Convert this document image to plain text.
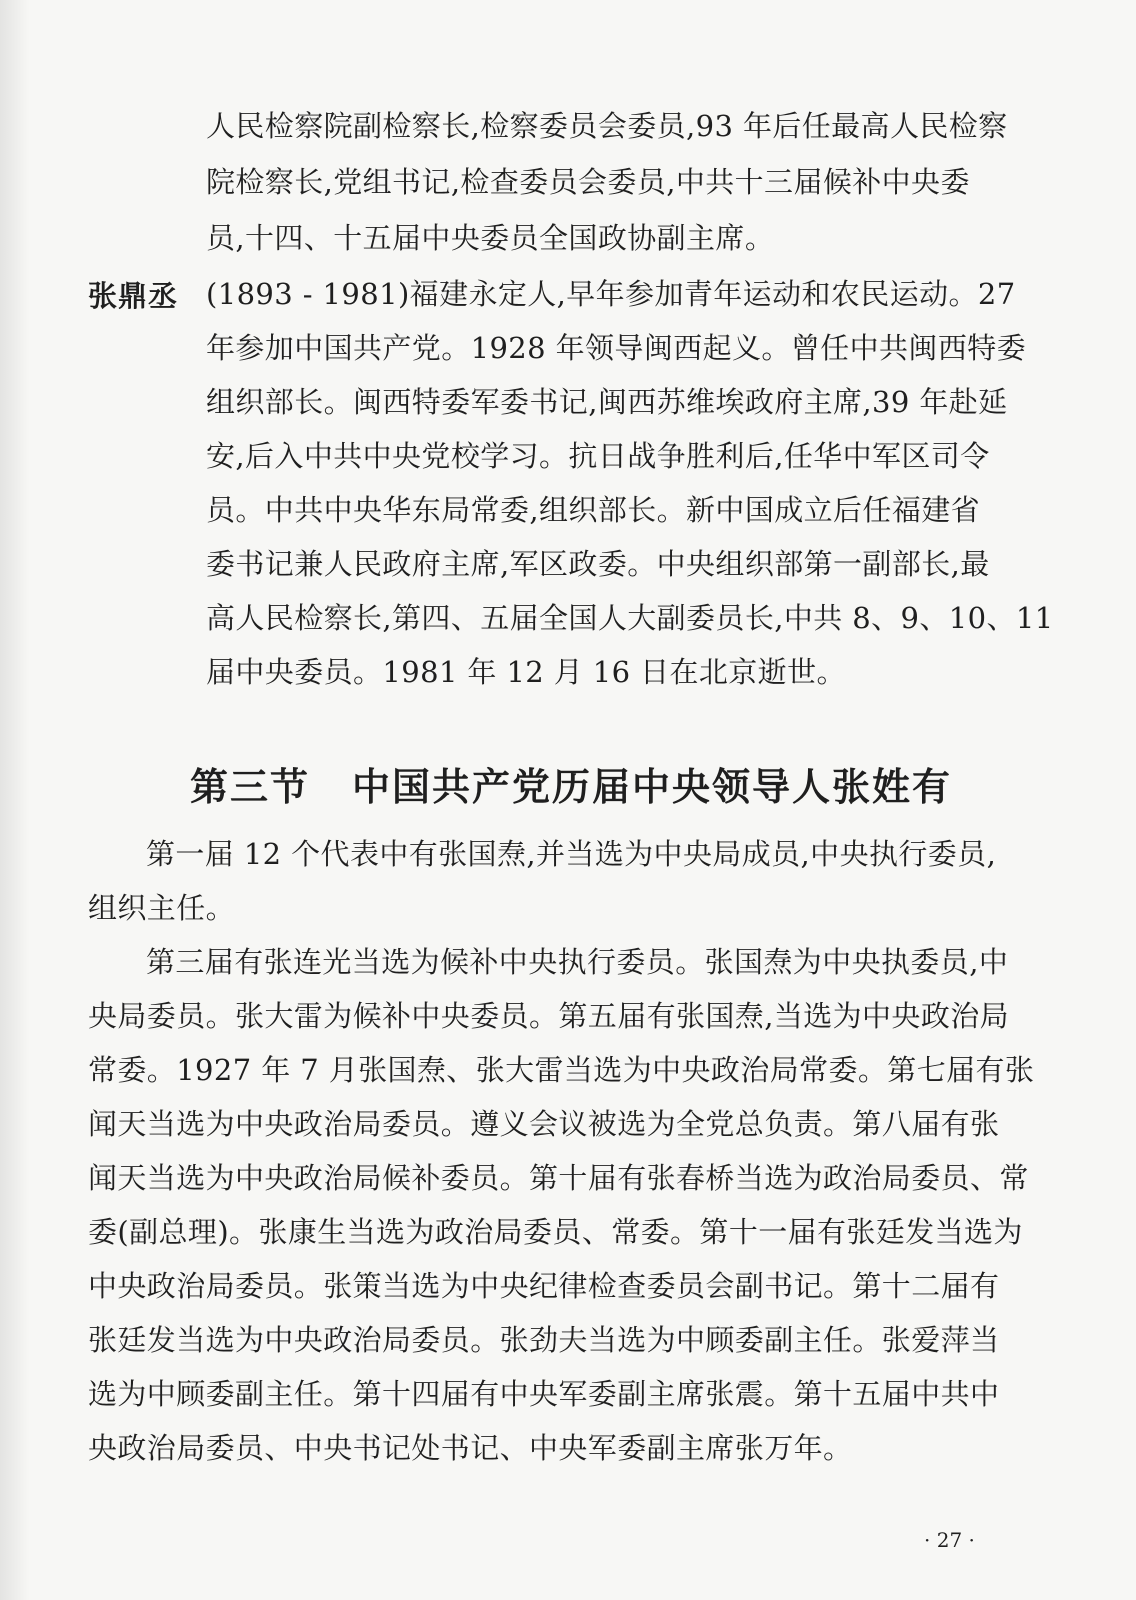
人民检察院副检察长,检察委员会委员,93 年后任最高人民检察
院检察长,党组书记,检查委员会委员,中共十三届候补中央委
员,十四、十五届中央委员全国政协副主席。
张鼎丞 (1893 - 1981)福建永定人,早年参加青年运动和农民运动。27
年参加中国共产党。1928 年领导闽西起义。曾任中共闽西特委
组织部长。闽西特委军委书记,闽西苏维埃政府主席,39 年赴延
安,后入中共中央党校学习。抗日战争胜利后,任华中军区司令
员。中共中央华东局常委,组织部长。新中国成立后任福建省
委书记兼人民政府主席,军区政委。中央组织部第一副部长,最
高人民检察长,第四、五届全国人大副委员长,中共 8、9、10、11
届中央委员。1981 年 12 月 16 日在北京逝世。
第三节 中国共产党历届中央领导人张姓有
第一届 12 个代表中有张国焘,并当选为中央局成员,中央执行委员,
组织主任。
第三届有张连光当选为候补中央执行委员。张国焘为中央执委员,中
央局委员。张大雷为候补中央委员。第五届有张国焘,当选为中央政治局
常委。1927 年 7 月张国焘、张大雷当选为中央政治局常委。第七届有张
闻天当选为中央政治局委员。遵义会议被选为全党总负责。第八届有张
闻天当选为中央政治局候补委员。第十届有张春桥当选为政治局委员、常
委(副总理)。张康生当选为政治局委员、常委。第十一届有张廷发当选为
中央政治局委员。张策当选为中央纪律检查委员会副书记。第十二届有
张廷发当选为中央政治局委员。张劲夫当选为中顾委副主任。张爱萍当
选为中顾委副主任。第十四届有中央军委副主席张震。第十五届中共中
央政治局委员、中央书记处书记、中央军委副主席张万年。
· 27 ·
